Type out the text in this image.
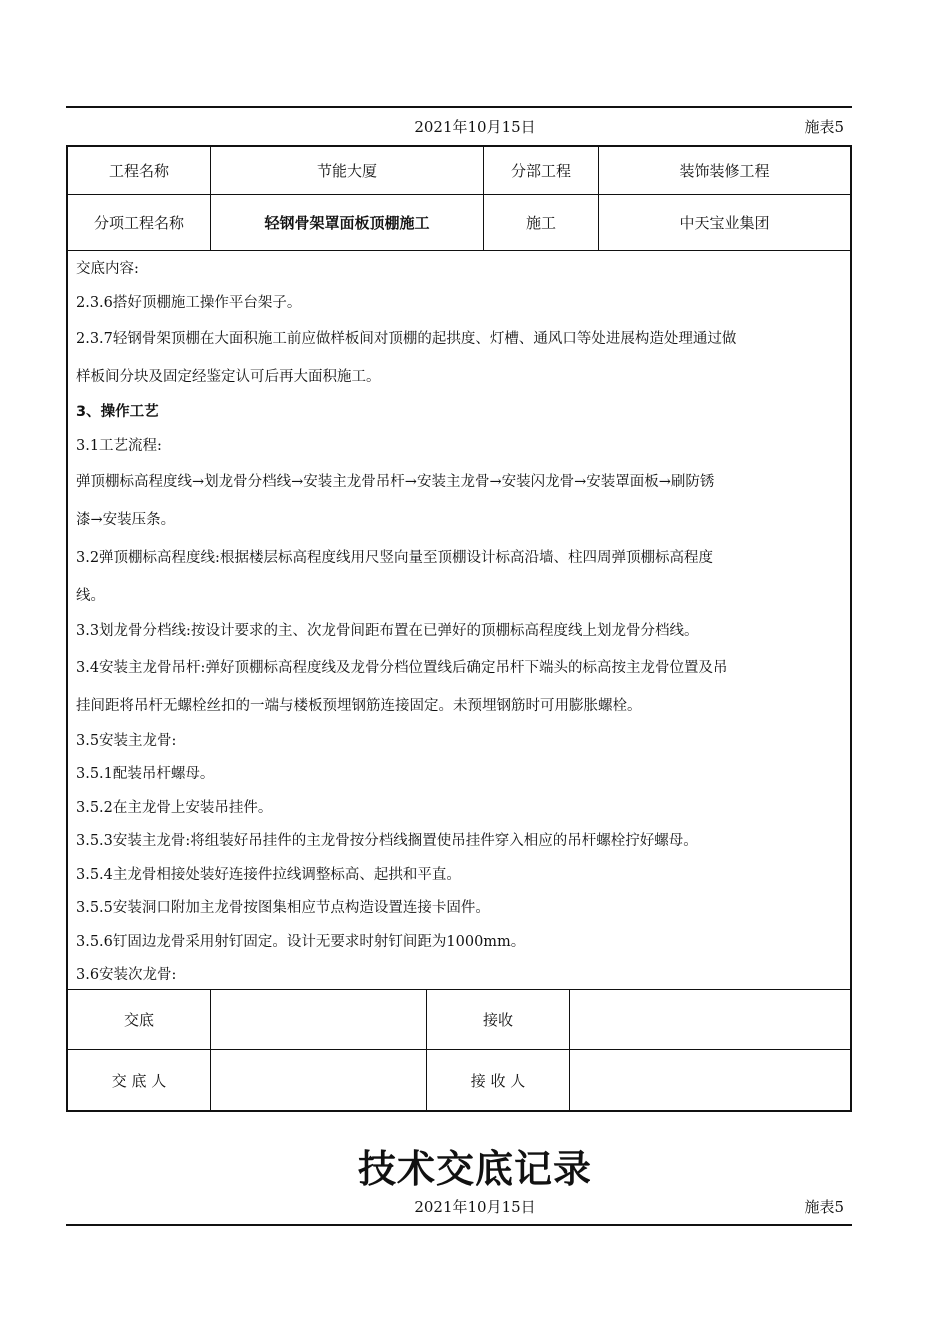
2021年10月15日	施表5
工程名称	节能大厦	分部工程	装饰装修工程
分项工程名称	轻钢骨架罩面板顶棚施工	施工	中天宝业集团
交底内容:
2.3.6搭好顶棚施工操作平台架子。
2.3.7轻钢骨架顶棚在大面积施工前应做样板间对顶棚的起拱度、灯槽、通风口等处进展构造处理通过做
样板间分块及固定经鉴定认可后再大面积施工。
3、操作工艺
3.1工艺流程:
弹顶棚标高程度线→划龙骨分档线→安装主龙骨吊杆→安装主龙骨→安装闪龙骨→安装罩面板→刷防锈
漆→安装压条。
3.2弹顶棚标高程度线:根据楼层标高程度线用尺竖向量至顶棚设计标高沿墙、柱四周弹顶棚标高程度
线。
3.3划龙骨分档线:按设计要求的主、次龙骨间距布置在已弹好的顶棚标高程度线上划龙骨分档线。
3.4安装主龙骨吊杆:弹好顶棚标高程度线及龙骨分档位置线后确定吊杆下端头的标高按主龙骨位置及吊
挂间距将吊杆无螺栓丝扣的一端与楼板预埋钢筋连接固定。未预埋钢筋时可用膨胀螺栓。
3.5安装主龙骨:
3.5.1配装吊杆螺母。
3.5.2在主龙骨上安装吊挂件。
3.5.3安装主龙骨:将组装好吊挂件的主龙骨按分档线搁置使吊挂件穿入相应的吊杆螺栓拧好螺母。
3.5.4主龙骨相接处装好连接件拉线调整标高、起拱和平直。
3.5.5安装洞口附加主龙骨按图集相应节点构造设置连接卡固件。
3.5.6钉固边龙骨采用射钉固定。设计无要求时射钉间距为1000mm。
3.6安装次龙骨:
交底	接收
交 底 人	接 收 人
技术交底记录
2021年10月15日	施表5
